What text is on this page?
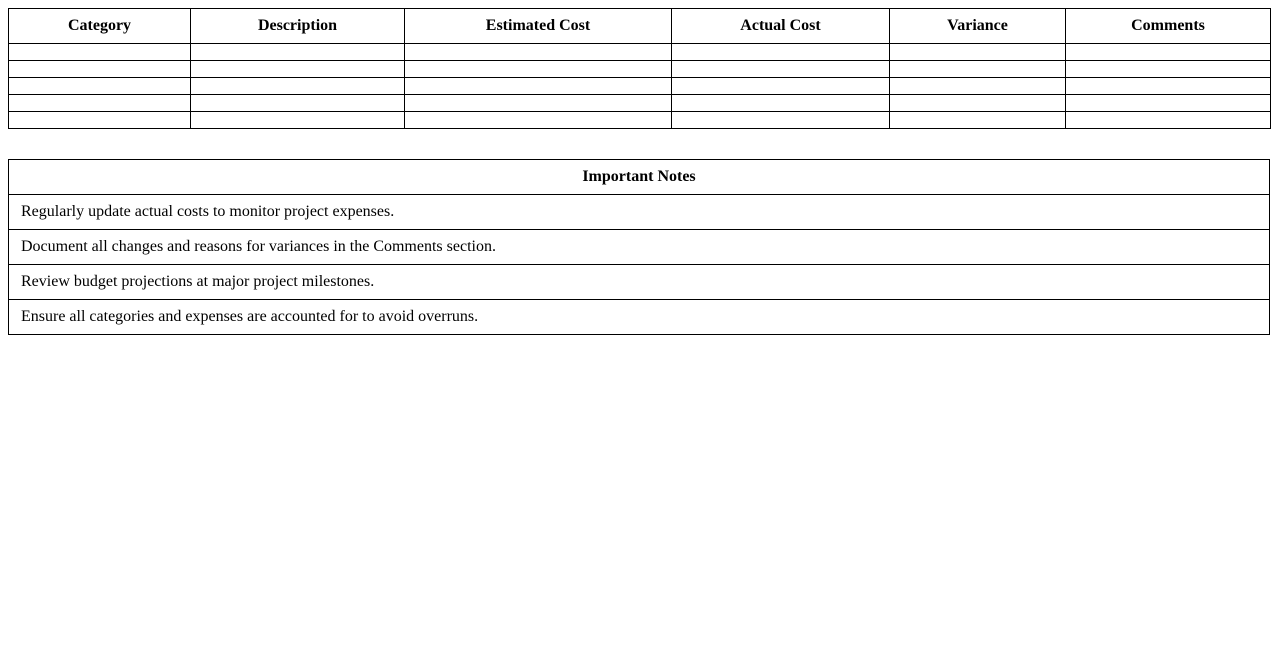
Category	Description	Estimated Cost	Actual Cost	Variance	Comments

Important Notes
Regularly update actual costs to monitor project expenses.
Document all changes and reasons for variances in the Comments section.
Review budget projections at major project milestones.
Ensure all categories and expenses are accounted for to avoid overruns.
